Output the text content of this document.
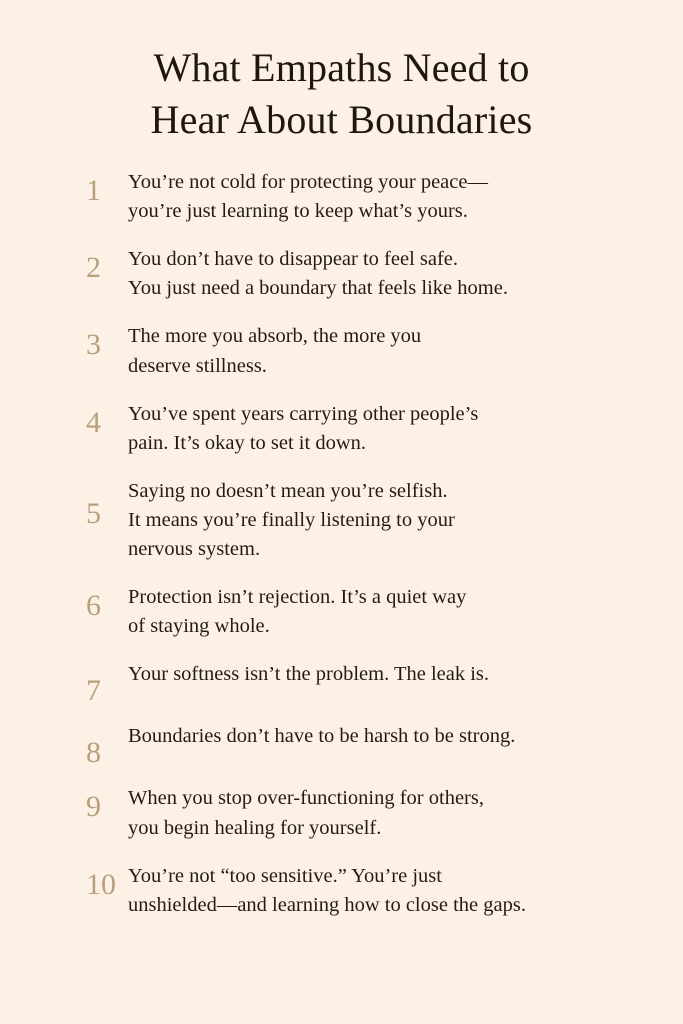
What Empaths Need to
Hear About Boundaries
1	You’re not cold for protecting your peace—
you’re just learning to keep what’s yours.
2	You don’t have to disappear to feel safe.
You just need a boundary that feels like home.
3	The more you absorb, the more you
deserve stillness.
4	You’ve spent years carrying other people’s
pain. It’s okay to set it down.
5
Saying no doesn’t mean you’re selfish.
It means you’re finally listening to your
nervous system.
6	Protection isn’t rejection. It’s a quiet way
of staying whole.
7	Your softness isn’t the problem. The leak is.
8	Boundaries don’t have to be harsh to be strong.
9	When you stop over-functioning for others,
you begin healing for yourself.
10 You’re not “too sensitive.” You’re just
unshielded—and learning how to close the gaps.
